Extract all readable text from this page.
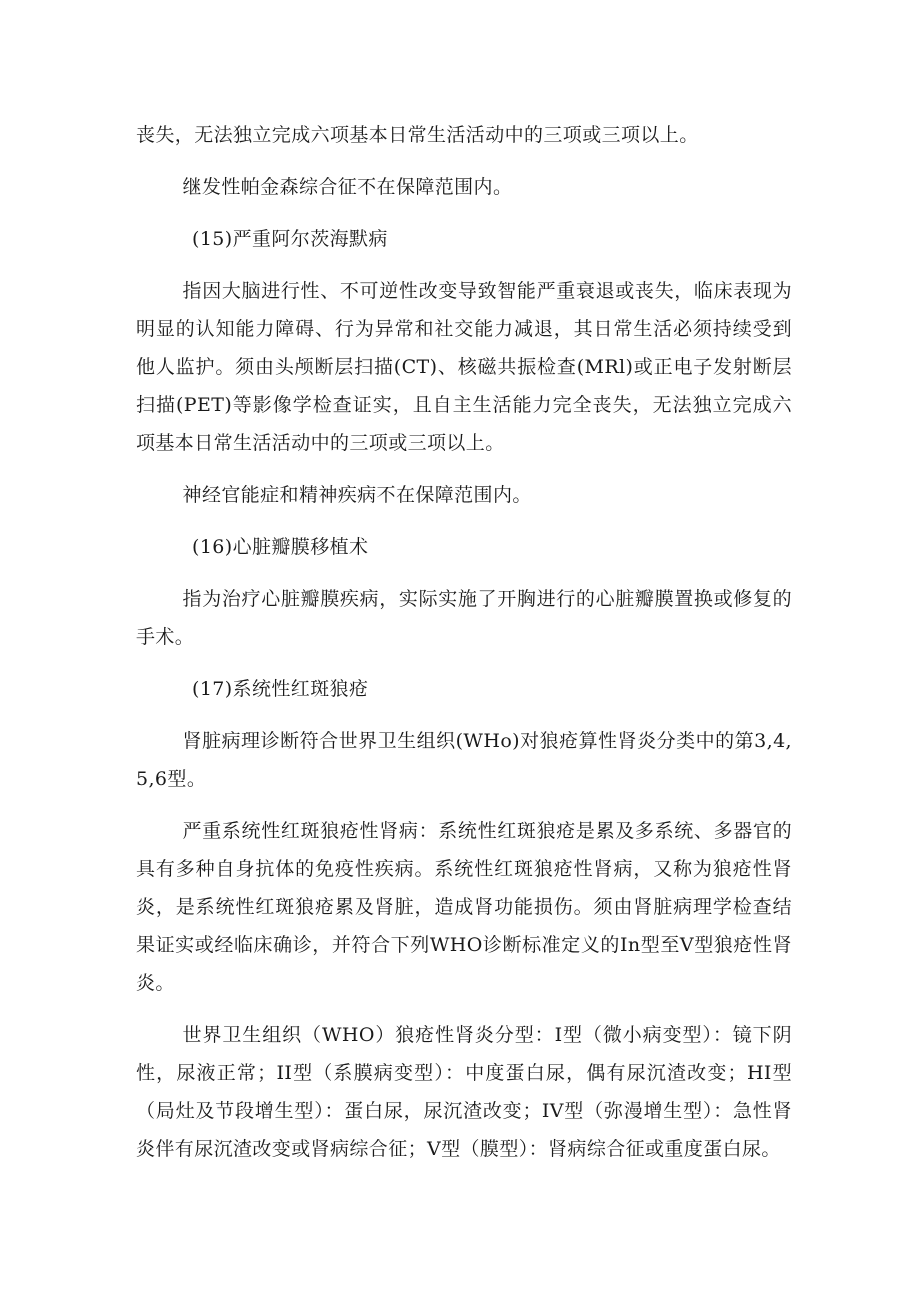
丧失，无法独立完成六项基本日常生活活动中的三项或三项以上。

继发性帕金森综合征不在保障范围内。

(15)严重阿尔茨海默病

指因大脑进行性、不可逆性改变导致智能严重衰退或丧失，临床表现为明显的认知能力障碍、行为异常和社交能力减退，其日常生活必须持续受到他人监护。须由头颅断层扫描(CT)、核磁共振检查(MRl)或正电子发射断层扫描(PET)等影像学检查证实，且自主生活能力完全丧失，无法独立完成六项基本日常生活活动中的三项或三项以上。

神经官能症和精神疾病不在保障范围内。

(16)心脏瓣膜移植术

指为治疗心脏瓣膜疾病，实际实施了开胸进行的心脏瓣膜置换或修复的手术。

(17)系统性红斑狼疮

肾脏病理诊断符合世界卫生组织(WHo)对狼疮算性肾炎分类中的第3,4,5,6型。

严重系统性红斑狼疮性肾病：系统性红斑狼疮是累及多系统、多器官的具有多种自身抗体的免疫性疾病。系统性红斑狼疮性肾病，又称为狼疮性肾炎，是系统性红斑狼疮累及肾脏，造成肾功能损伤。须由肾脏病理学检查结果证实或经临床确诊，并符合下列WHO诊断标准定义的In型至V型狼疮性肾炎。

世界卫生组织（WHO）狼疮性肾炎分型：I型（微小病变型）：镜下阴性，尿液正常；II型（系膜病变型）：中度蛋白尿，偶有尿沉渣改变；HI型（局灶及节段增生型）：蛋白尿，尿沉渣改变；IV型（弥漫增生型）：急性肾炎伴有尿沉渣改变或肾病综合征；V型（膜型）：肾病综合征或重度蛋白尿。
